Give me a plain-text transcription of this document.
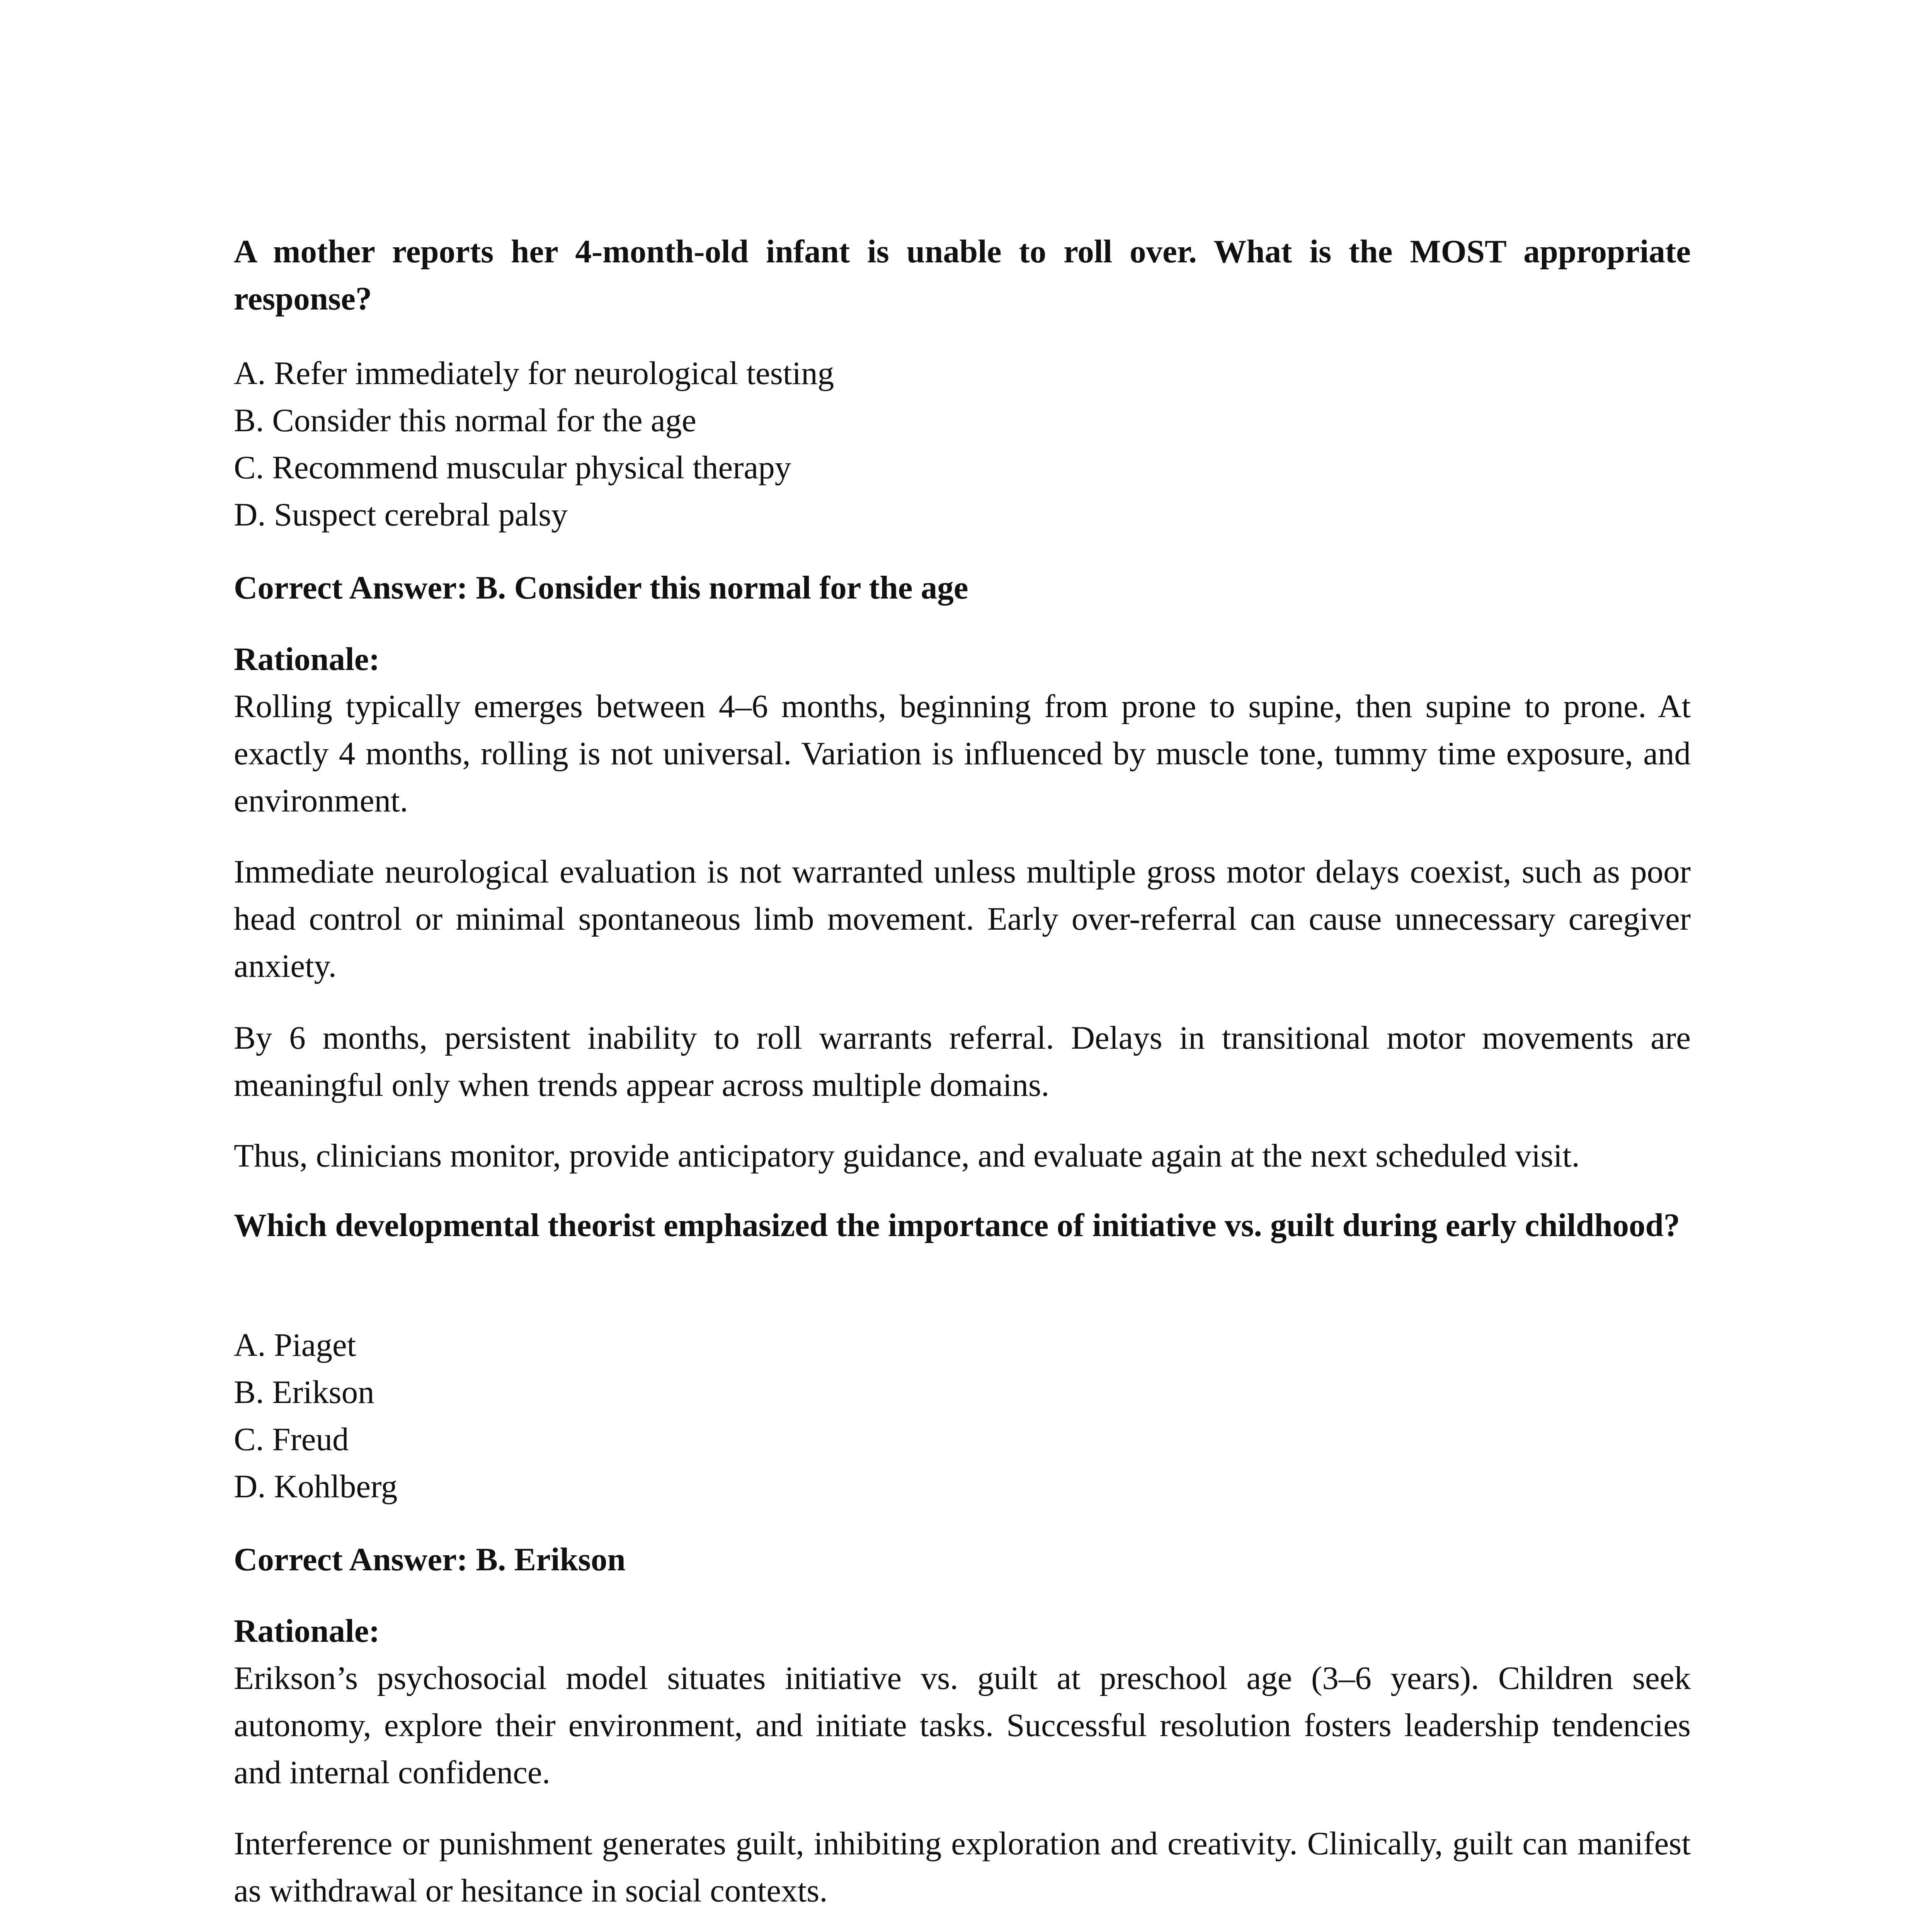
A mother reports her 4-month-old infant is unable to roll over. What is the MOST appropriate response?

A. Refer immediately for neurological testing
B. Consider this normal for the age
C. Recommend muscular physical therapy
D. Suspect cerebral palsy

Correct Answer: B. Consider this normal for the age

Rationale:

Rolling typically emerges between 4–6 months, beginning from prone to supine, then supine to prone. At exactly 4 months, rolling is not universal. Variation is influenced by muscle tone, tummy time exposure, and environment.

Immediate neurological evaluation is not warranted unless multiple gross motor delays coexist, such as poor head control or minimal spontaneous limb movement. Early over-referral can cause unnecessary caregiver anxiety.

By 6 months, persistent inability to roll warrants referral. Delays in transitional motor movements are meaningful only when trends appear across multiple domains.

Thus, clinicians monitor, provide anticipatory guidance, and evaluate again at the next scheduled visit.

Which developmental theorist emphasized the importance of initiative vs. guilt during early childhood?

A. Piaget
B. Erikson
C. Freud
D. Kohlberg

Correct Answer: B. Erikson

Rationale:

Erikson’s psychosocial model situates initiative vs. guilt at preschool age (3–6 years). Children seek autonomy, explore their environment, and initiate tasks. Successful resolution fosters leadership tendencies and internal confidence.

Interference or punishment generates guilt, inhibiting exploration and creativity. Clinically, guilt can manifest as withdrawal or hesitance in social contexts.
